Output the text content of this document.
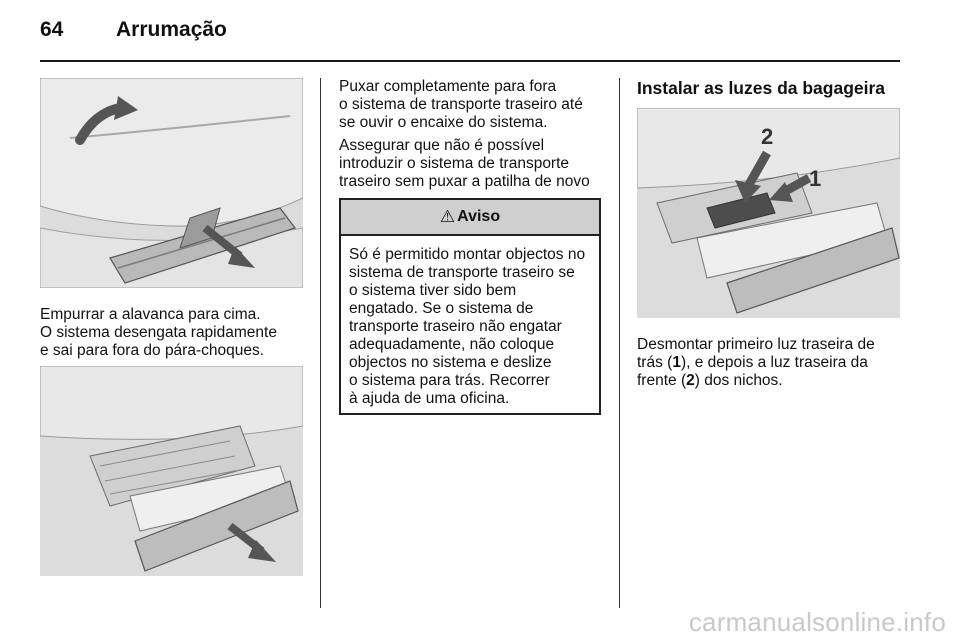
64	Arrumação
Empurrar a alavanca para cima.
O sistema desengata rapidamente
e sai para fora do pára-choques.
Puxar completamente para fora
o sistema de transporte traseiro até
se ouvir o encaixe do sistema.
Assegurar que não é possível
introduzir o sistema de transporte
traseiro sem puxar a patilha de novo
⚠ Aviso
Só é permitido montar objectos no
sistema de transporte traseiro se
o sistema tiver sido bem
engatado. Se o sistema de
transporte traseiro não engatar
adequadamente, não coloque
objectos no sistema e deslize
o sistema para trás. Recorrer
à ajuda de uma oficina.
Instalar as luzes da bagageira
2
1
Desmontar primeiro luz traseira de
trás (1), e depois a luz traseira da
frente (2) dos nichos.
carmanualsonline.info
